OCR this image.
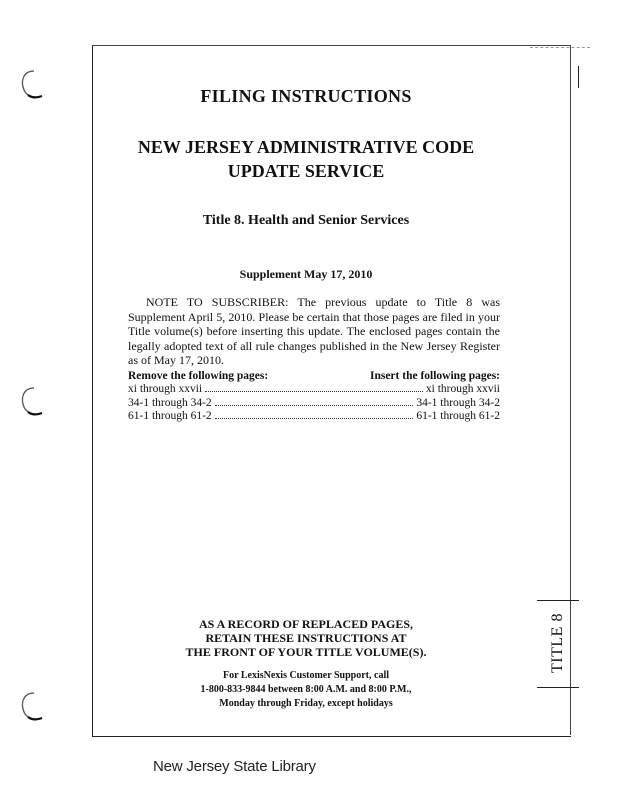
TITLE 8
FILING INSTRUCTIONS
NEW JERSEY ADMINISTRATIVE CODE
UPDATE SERVICE
Title 8. Health and Senior Services
Supplement May 17, 2010
NOTE TO SUBSCRIBER: The previous update to Title 8 was Supplement April 5, 2010. Please be certain that those pages are filed in your Title volume(s) before inserting this update. The enclosed pages contain the legally adopted text of all rule changes published in the New Jersey Register as of May 17, 2010.
Remove the following pages:	Insert the following pages:
xi through xxvii	xi through xxvii
34-1 through 34-2	34-1 through 34-2
61-1 through 61-2	61-1 through 61-2
AS A RECORD OF REPLACED PAGES,
RETAIN THESE INSTRUCTIONS AT
THE FRONT OF YOUR TITLE VOLUME(S).
For LexisNexis Customer Support, call
1-800-833-9844 between 8:00 A.M. and 8:00 P.M.,
Monday through Friday, except holidays
New Jersey State Library
